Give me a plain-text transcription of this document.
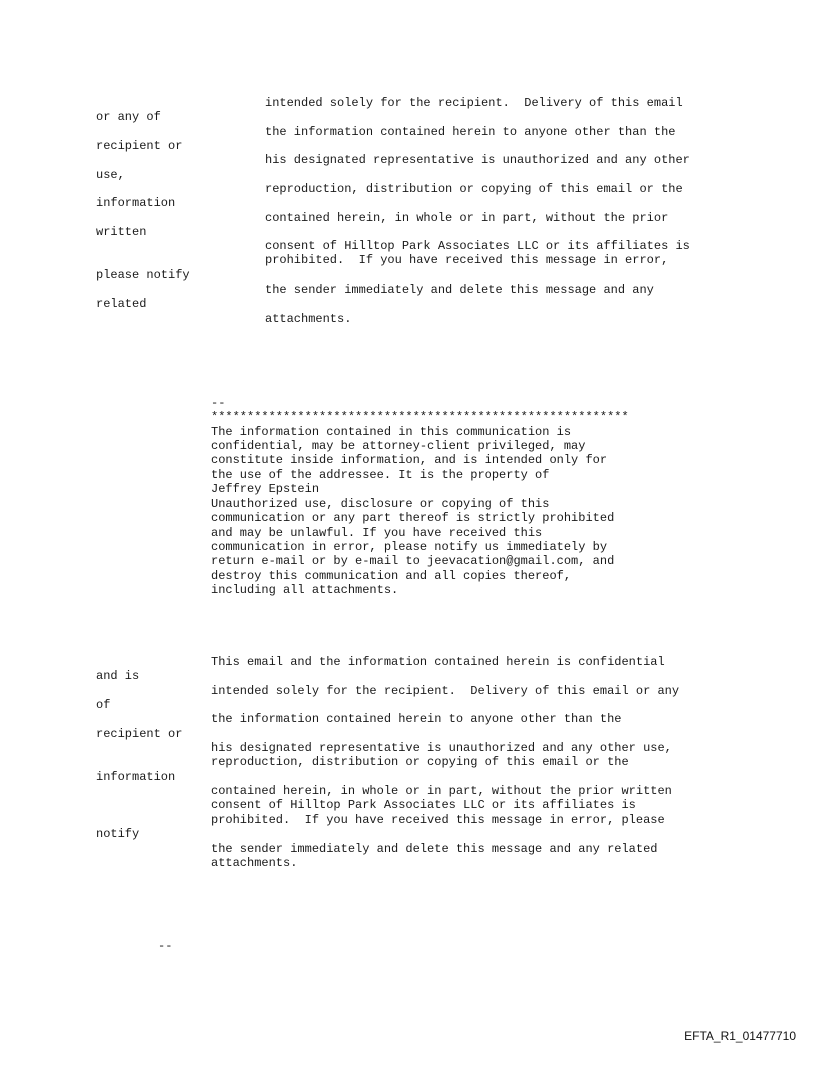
intended solely for the recipient.  Delivery of this email
or any of
the information contained herein to anyone other than the
recipient or
his designated representative is unauthorized and any other
use,
reproduction, distribution or copying of this email or the
information
contained herein, in whole or in part, without the prior
written
consent of Hilltop Park Associates LLC or its affiliates is
prohibited.  If you have received this message in error,
please notify
the sender immediately and delete this message and any
related
attachments.
--
**********************************************************
The information contained in this communication is
confidential, may be attorney-client privileged, may
constitute inside information, and is intended only for
the use of the addressee. It is the property of
Jeffrey Epstein
Unauthorized use, disclosure or copying of this
communication or any part thereof is strictly prohibited
and may be unlawful. If you have received this
communication in error, please notify us immediately by
return e-mail or by e-mail to jeevacation@gmail.com, and
destroy this communication and all copies thereof,
including all attachments.
This email and the information contained herein is confidential
and is
intended solely for the recipient.  Delivery of this email or any
of
the information contained herein to anyone other than the
recipient or
his designated representative is unauthorized and any other use,
reproduction, distribution or copying of this email or the
information
contained herein, in whole or in part, without the prior written
consent of Hilltop Park Associates LLC or its affiliates is
prohibited.  If you have received this message in error, please
notify
the sender immediately and delete this message and any related
attachments.
--
EFTA_R1_01477710
